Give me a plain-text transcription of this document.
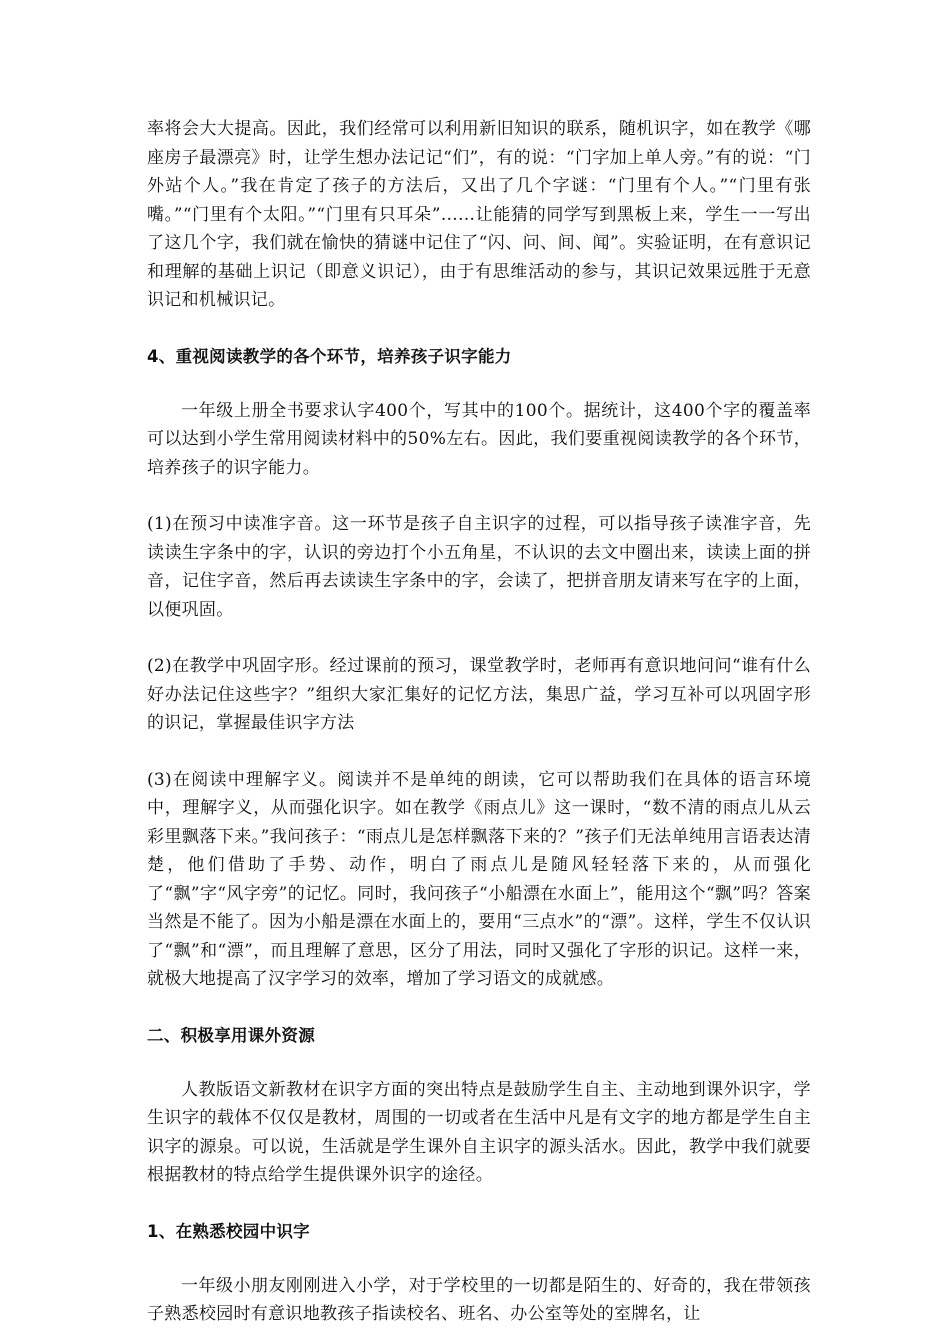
率将会大大提高。因此，我们经常可以利用新旧知识的联系，随机识字，如在教学《哪座房子最漂亮》时，让学生想办法记记“们”，有的说：“门字加上单人旁。”有的说：“门外站个人。”我在肯定了孩子的方法后，又出了几个字谜：“门里有个人。”“门里有张嘴。”“门里有个太阳。”“门里有只耳朵”……让能猜的同学写到黑板上来，学生一一写出了这几个字，我们就在愉快的猜谜中记住了“闪、问、间、闻”。实验证明，在有意识记和理解的基础上识记（即意义识记），由于有思维活动的参与，其识记效果远胜于无意识记和机械识记。

4、重视阅读教学的各个环节，培养孩子识字能力

一年级上册全书要求认字400个，写其中的100个。据统计，这400个字的覆盖率可以达到小学生常用阅读材料中的50%左右。因此，我们要重视阅读教学的各个环节，培养孩子的识字能力。

(1)在预习中读准字音。这一环节是孩子自主识字的过程，可以指导孩子读准字音，先读读生字条中的字，认识的旁边打个小五角星，不认识的去文中圈出来，读读上面的拼音，记住字音，然后再去读读生字条中的字，会读了，把拼音朋友请来写在字的上面，以便巩固。

(2)在教学中巩固字形。经过课前的预习，课堂教学时，老师再有意识地问问“谁有什么好办法记住这些字？”组织大家汇集好的记忆方法，集思广益，学习互补可以巩固字形的识记，掌握最佳识字方法

(3)在阅读中理解字义。阅读并不是单纯的朗读，它可以帮助我们在具体的语言环境中，理解字义，从而强化识字。如在教学《雨点儿》这一课时，“数不清的雨点儿从云彩里飘落下来。”我问孩子：“雨点儿是怎样飘落下来的？”孩子们无法单纯用言语表达清楚，他们借助了手势、动作，明白了雨点儿是随风轻轻落下来的，从而强化了“飘”字“风字旁”的记忆。同时，我问孩子“小船漂在水面上”，能用这个“飘”吗？答案当然是不能了。因为小船是漂在水面上的，要用“三点水”的“漂”。这样，学生不仅认识了“飘”和“漂”，而且理解了意思，区分了用法，同时又强化了字形的识记。这样一来，就极大地提高了汉字学习的效率，增加了学习语文的成就感。

二、积极享用课外资源

人教版语文新教材在识字方面的突出特点是鼓励学生自主、主动地到课外识字，学生识字的载体不仅仅是教材，周围的一切或者在生活中凡是有文字的地方都是学生自主识字的源泉。可以说，生活就是学生课外自主识字的源头活水。因此，教学中我们就要根据教材的特点给学生提供课外识字的途径。

1、在熟悉校园中识字

一年级小朋友刚刚进入小学，对于学校里的一切都是陌生的、好奇的，我在带领孩子熟悉校园时有意识地教孩子指读校名、班名、办公室等处的室牌名，让
